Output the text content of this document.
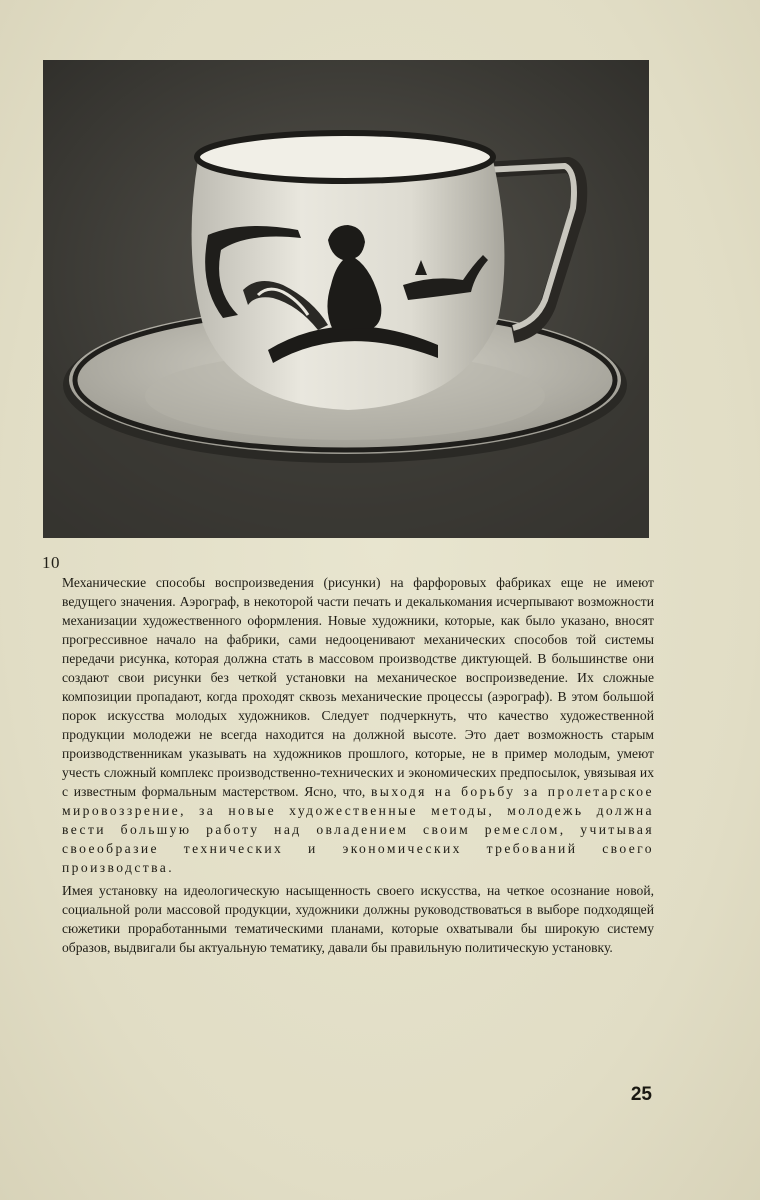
10

Механические способы воспроизведения (рисунки) на фарфоровых фабриках еще не имеют ведущего значения. Аэрограф, в некоторой части печать и декалькомания исчерпывают возможности механизации художественного оформления. Новые художники, которые, как было указано, вносят прогрессивное начало на фабрики, сами недооценивают механических способов той системы передачи рисунка, которая должна стать в массовом производстве диктующей. В большинстве они создают свои рисунки без четкой установки на механическое воспроизведение. Их сложные композиции пропадают, когда проходят сквозь механические процессы (аэрограф). В этом большой порок искусства молодых художников. Следует подчеркнуть, что качество художественной продукции молодежи не всегда находится на должной высоте. Это дает возможность старым производственникам указывать на художников прошлого, которые, не в пример молодым, умеют учесть сложный комплекс производственно-технических и экономических предпосылок, увязывая их с известным формальным мастерством. Ясно, что, выходя на борьбу за пролетарское мировоззрение, за новые художественные методы, молодежь должна вести большую работу над овладением своим ремеслом, учитывая своеобразие технических и экономических требований своего производства.

Имея установку на идеологическую насыщенность своего искусства, на четкое осознание новой, социальной роли массовой продукции, художники должны руководствоваться в выборе подходящей сюжетики проработанными тематическими планами, которые охватывали бы широкую систему образов, выдвигали бы актуальную тематику, давали бы правильную политическую установку.

25
